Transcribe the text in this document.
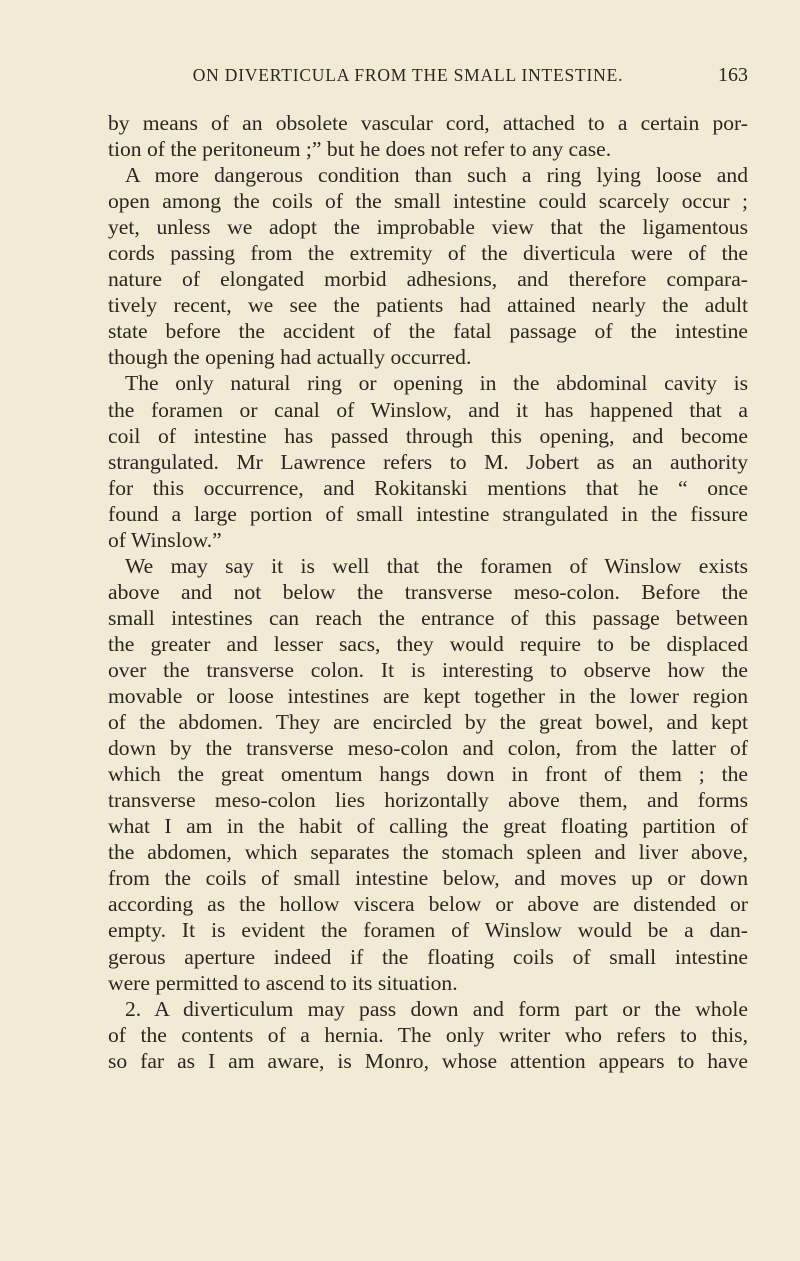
ON DIVERTICULA FROM THE SMALL INTESTINE.	163
by means of an obsolete vascular cord, attached to a certain por-
tion of the peritoneum ;” but he does not refer to any case.
A more dangerous condition than such a ring lying loose and
open among the coils of the small intestine could scarcely occur ;
yet, unless we adopt the improbable view that the ligamentous
cords passing from the extremity of the diverticula were of the
nature of elongated morbid adhesions, and therefore compara-
tively recent, we see the patients had attained nearly the adult
state before the accident of the fatal passage of the intestine
though the opening had actually occurred.
The only natural ring or opening in the abdominal cavity is
the foramen or canal of Winslow, and it has happened that a
coil of intestine has passed through this opening, and become
strangulated. Mr Lawrence refers to M. Jobert as an authority
for this occurrence, and Rokitanski mentions that he “ once
found a large portion of small intestine strangulated in the fissure
of Winslow.”
We may say it is well that the foramen of Winslow exists
above and not below the transverse meso-colon. Before the
small intestines can reach the entrance of this passage between
the greater and lesser sacs, they would require to be displaced
over the transverse colon. It is interesting to observe how the
movable or loose intestines are kept together in the lower region
of the abdomen. They are encircled by the great bowel, and kept
down by the transverse meso-colon and colon, from the latter of
which the great omentum hangs down in front of them ; the
transverse meso-colon lies horizontally above them, and forms
what I am in the habit of calling the great floating partition of
the abdomen, which separates the stomach spleen and liver above,
from the coils of small intestine below, and moves up or down
according as the hollow viscera below or above are distended or
empty. It is evident the foramen of Winslow would be a dan-
gerous aperture indeed if the floating coils of small intestine
were permitted to ascend to its situation.
2. A diverticulum may pass down and form part or the whole
of the contents of a hernia. The only writer who refers to this,
so far as I am aware, is Monro, whose attention appears to have
